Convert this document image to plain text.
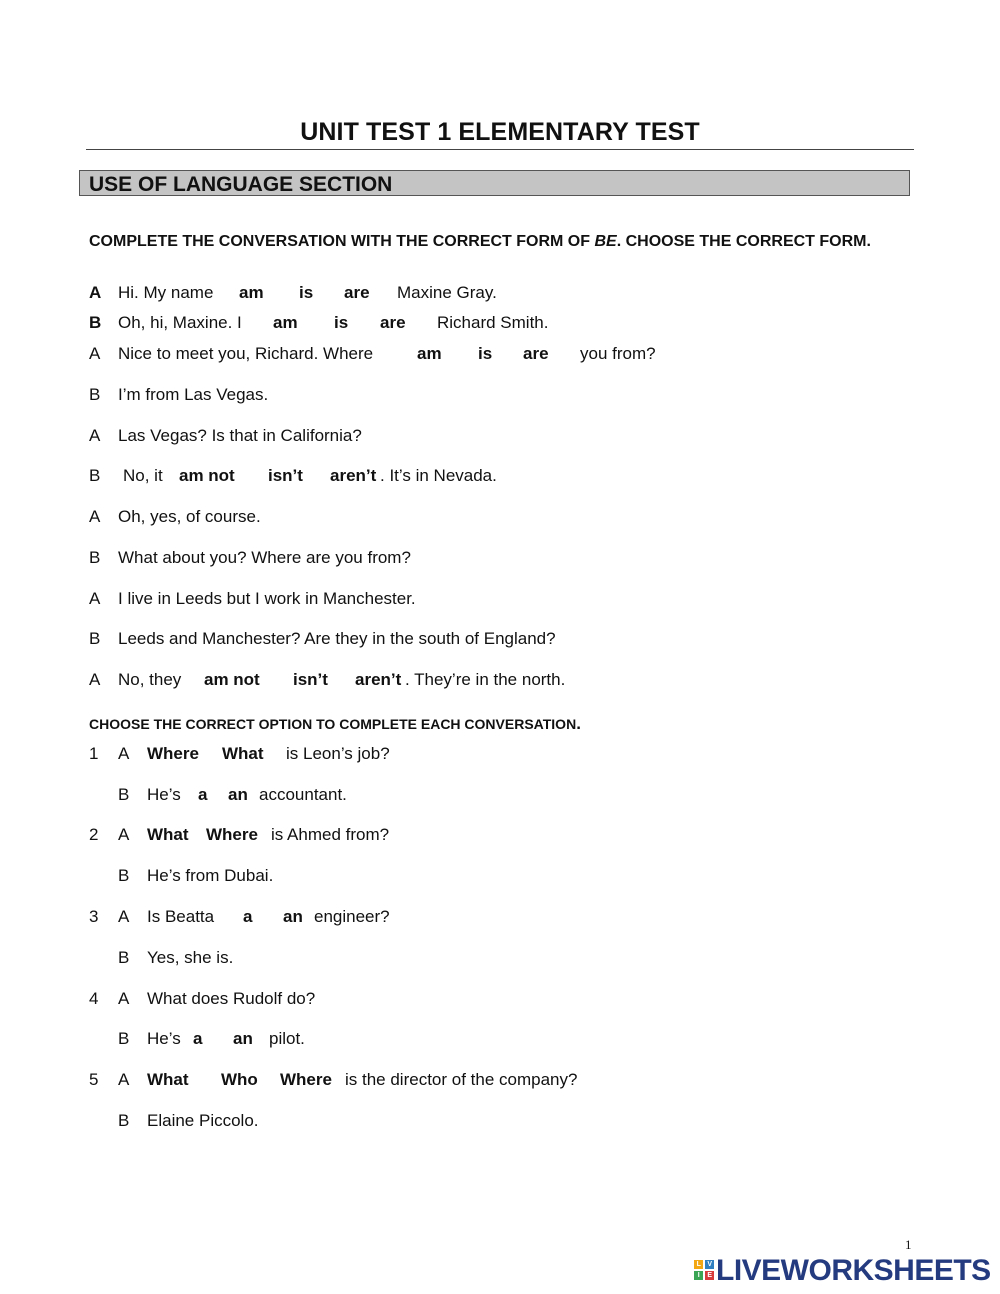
UNIT TEST 1 ELEMENTARY TEST
USE OF LANGUAGE SECTION
COMPLETE THE CONVERSATION WITH THE CORRECT FORM OF BE. CHOOSE THE CORRECT FORM.
A Hi. My name am is are Maxine Gray.
B Oh, hi, Maxine. I am is are Richard Smith.
A Nice to meet you, Richard. Where	am is are you from?
B I’m from Las Vegas.
A Las Vegas? Is that in California?
B No, it am not isn’t aren’t . It’s in Nevada.
A Oh, yes, of course.
B What about you? Where are you from?
A I live in Leeds but I work in Manchester.
B Leeds and Manchester? Are they in the south of England?
A No, they am not isn’t aren’t . They’re in the north.
CHOOSE THE CORRECT OPTION TO COMPLETE EACH CONVERSATION.
1 A Where What is Leon’s job?
B He’s a an accountant.
2 A What Where is Ahmed from?
B He’s from Dubai.
3 A Is Beatta a an engineer?
B Yes, she is.
4 A What does Rudolf do?
B He’s a an pilot.
5 A What Who Where is the director of the company?
B Elaine Piccolo.
1
L
I
V
E LIVEWORKSHEETS
